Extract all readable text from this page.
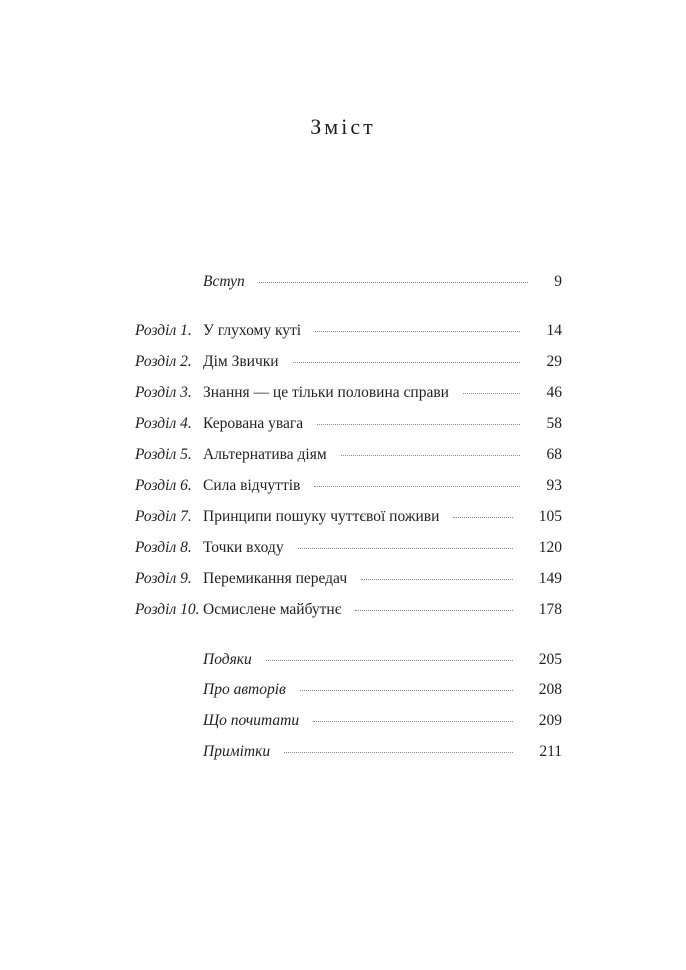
Зміст
Вступ	9
Розділ 1. У глухому куті	14
Розділ 2. Дім Звички	29
Розділ 3. Знання — це тільки половина справи	46
Розділ 4. Керована увага	58
Розділ 5. Альтернатива діям	68
Розділ 6. Сила відчуттів	93
Розділ 7. Принципи пошуку чуттєвої поживи	105
Розділ 8. Точки входу	120
Розділ 9. Перемикання передач	149
Розділ 10. Осмислене майбутнє	178
Подяки	205
Про авторів	208
Що почитати	209
Примітки	211
